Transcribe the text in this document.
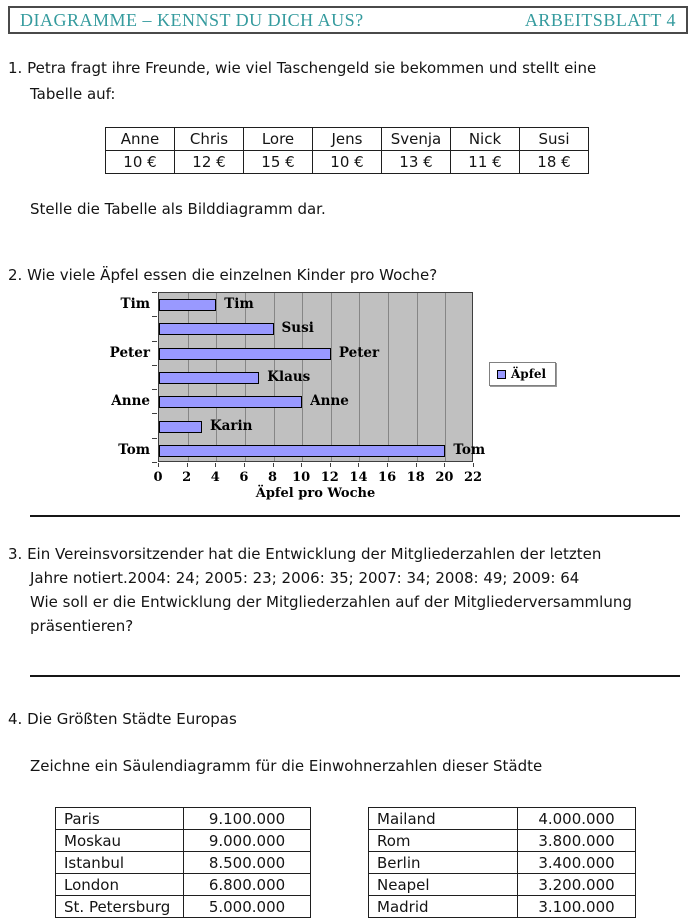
DIAGRAMME – KENNST DU DICH AUS?	ARBEITSBLATT 4
1. Petra fragt ihre Freunde, wie viel Taschengeld sie bekommen und stellt eine
Tabelle auf:
Anne	Chris	Lore	Jens	Svenja	Nick	Susi
10 €	12 €	15 €	10 €	13 €	11 €	18 €
Stelle die Tabelle als Bilddiagramm dar.
2. Wie viele Äpfel essen die einzelnen Kinder pro Woche?
Tim
Peter
Anne
Tom
Äpfel pro Woche
Äpfel
0	2	4	6	8	10 12 14 16 18 20 22
Tim
Susi
Peter
Klaus
Anne
Karin
Tom
3. Ein Vereinsvorsitzender hat die Entwicklung der Mitgliederzahlen der letzten
Jahre notiert.2004: 24; 2005: 23; 2006: 35; 2007: 34; 2008: 49; 2009: 64
Wie soll er die Entwicklung der Mitgliederzahlen auf der Mitgliederversammlung
präsentieren?
4. Die Größten Städte Europas
Zeichne ein Säulendiagramm für die Einwohnerzahlen dieser Städte
Paris	9.100.000
Moskau	9.000.000
Istanbul	8.500.000
London	6.800.000
St. Petersburg	5.000.000
Mailand	4.000.000
Rom	3.800.000
Berlin	3.400.000
Neapel	3.200.000
Madrid	3.100.000
